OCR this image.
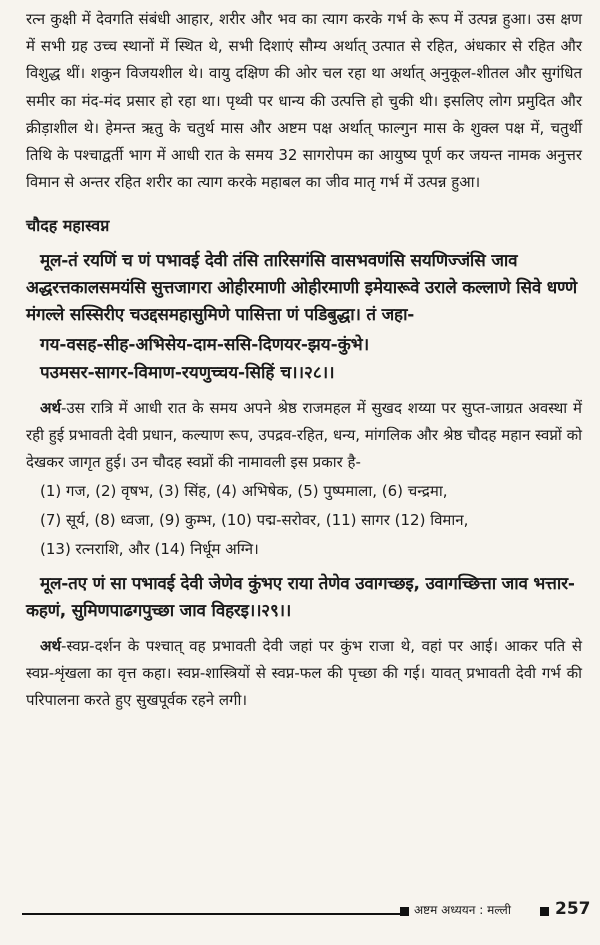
रत्न कुक्षी में देवगति संबंधी आहार, शरीर और भव का त्याग करके गर्भ के रूप में उत्पन्न हुआ। उस क्षण में सभी ग्रह उच्च स्थानों में स्थित थे, सभी दिशाएं सौम्य अर्थात् उत्पात से रहित, अंधकार से रहित और विशुद्ध थीं। शकुन विजयशील थे। वायु दक्षिण की ओर चल रहा था अर्थात् अनुकूल-शीतल और सुगंधित समीर का मंद-मंद प्रसार हो रहा था। पृथ्वी पर धान्य की उत्पत्ति हो चुकी थी। इसलिए लोग प्रमुदित और क्रीड़ाशील थे। हेमन्त ऋतु के चतुर्थ मास और अष्टम पक्ष अर्थात् फाल्गुन मास के शुक्ल पक्ष में, चतुर्थी तिथि के पश्चाद्वर्ती भाग में आधी रात के समय 32 सागरोपम का आयुष्य पूर्ण कर जयन्त नामक अनुत्तर विमान से अन्तर रहित शरीर का त्याग करके महाबल का जीव मातृ गर्भ में उत्पन्न हुआ।

चौदह महास्वप्न

मूल-तं रयणिं च णं पभावई देवी तंसि तारिसगंसि वासभवणंसि सयणिज्जंसि जाव अद्धरत्तकालसमयंसि सुत्तजागरा ओहीरमाणी ओहीरमाणी इमेयारूवे उराले कल्लाणे सिवे धण्णे मंगल्ले सस्सिरीए चउद्दसमहासुमिणे पासित्ता णं पडिबुद्धा। तं जहा-

गय-वसह-सीह-अभिसेय-दाम-ससि-दिणयर-झय-कुंभे।

पउमसर-सागर-विमाण-रयणुच्चय-सिहिं च।।२८।।

अर्थ-उस रात्रि में आधी रात के समय अपने श्रेष्ठ राजमहल में सुखद शय्या पर सुप्त-जाग्रत अवस्था में रही हुई प्रभावती देवी प्रधान, कल्याण रूप, उपद्रव-रहित, धन्य, मांगलिक और श्रेष्ठ चौदह महान स्वप्नों को देखकर जागृत हुई। उन चौदह स्वप्नों की नामावली इस प्रकार है-

(1) गज, (2) वृषभ, (3) सिंह, (4) अभिषेक, (5) पुष्पमाला, (6) चन्द्रमा,

(7) सूर्य, (8) ध्वजा, (9) कुम्भ, (10) पद्म-सरोवर, (11) सागर (12) विमान,

(13) रत्नराशि, और (14) निर्धूम अग्नि।

मूल-तए णं सा पभावई देवी जेणेव कुंभए राया तेणेव उवागच्छइ, उवागच्छित्ता जाव भत्तार-कहणं, सुमिणपाढगपुच्छा जाव विहरइ।।२९।।

अर्थ-स्वप्न-दर्शन के पश्चात् वह प्रभावती देवी जहां पर कुंभ राजा थे, वहां पर आई। आकर पति से स्वप्न-शृंखला का वृत्त कहा। स्वप्न-शास्त्रियों से स्वप्न-फल की पृच्छा की गई। यावत् प्रभावती देवी गर्भ की परिपालना करते हुए सुखपूर्वक रहने लगी।

अष्टम अध्ययन : मल्ली	257
